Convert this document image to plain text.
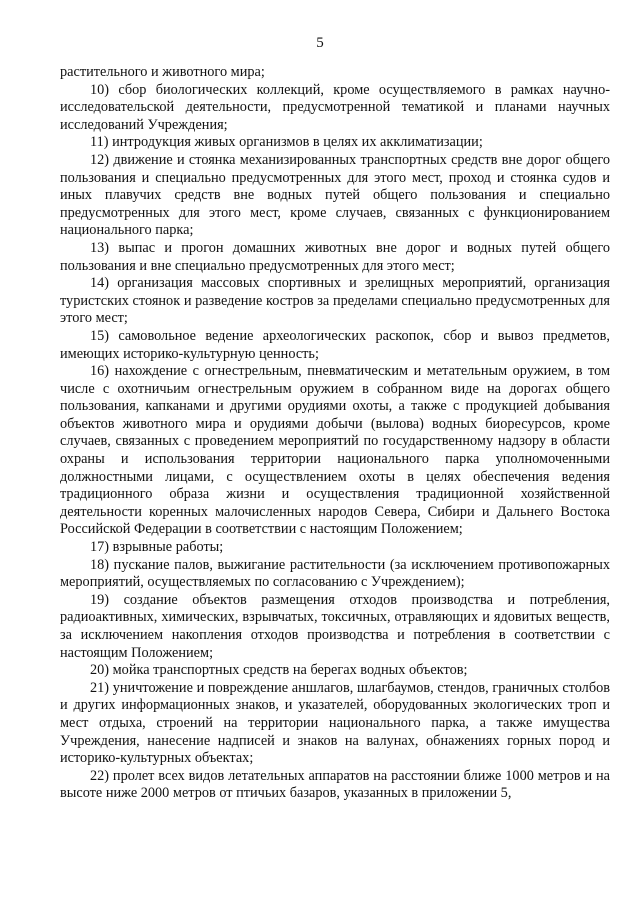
5

растительного и животного мира;

10) сбор биологических коллекций, кроме осуществляемого в рамках научно-исследовательской деятельности, предусмотренной тематикой и планами научных исследований Учреждения;

11) интродукция живых организмов в целях их акклиматизации;

12) движение и стоянка механизированных транспортных средств вне дорог общего пользования и специально предусмотренных для этого мест, проход и стоянка судов и иных плавучих средств вне водных путей общего пользования и специально предусмотренных для этого мест, кроме случаев, связанных с функционированием национального парка;

13) выпас и прогон домашних животных вне дорог и водных путей общего пользования и вне специально предусмотренных для этого мест;

14) организация массовых спортивных и зрелищных мероприятий, организация туристских стоянок и разведение костров за пределами специально предусмотренных для этого мест;

15) самовольное ведение археологических раскопок, сбор и вывоз предметов, имеющих историко-культурную ценность;

16) нахождение с огнестрельным, пневматическим и метательным оружием, в том числе с охотничьим огнестрельным оружием в собранном виде на дорогах общего пользования, капканами и другими орудиями охоты, а также с продукцией добывания объектов животного мира и орудиями добычи (вылова) водных биоресурсов, кроме случаев, связанных с проведением мероприятий по государственному надзору в области охраны и использования территории национального парка уполномоченными должностными лицами, с осуществлением охоты в целях обеспечения ведения традиционного образа жизни и осуществления традиционной хозяйственной деятельности коренных малочисленных народов Севера, Сибири и Дальнего Востока Российской Федерации в соответствии с настоящим Положением;

17) взрывные работы;

18) пускание палов, выжигание растительности (за исключением противопожарных мероприятий, осуществляемых по согласованию с Учреждением);

19) создание объектов размещения отходов производства и потребления, радиоактивных, химических, взрывчатых, токсичных, отравляющих и ядовитых веществ, за исключением накопления отходов производства и потребления в соответствии с настоящим Положением;

20) мойка транспортных средств на берегах водных объектов;

21) уничтожение и повреждение аншлагов, шлагбаумов, стендов, граничных столбов и других информационных знаков, и указателей, оборудованных экологических троп и мест отдыха, строений на территории национального парка, а также имущества Учреждения, нанесение надписей и знаков на валунах, обнажениях горных пород и историко-культурных объектах;

22) пролет всех видов летательных аппаратов на расстоянии ближе 1000 метров и на высоте ниже 2000 метров от птичьих базаров, указанных в приложении 5,
